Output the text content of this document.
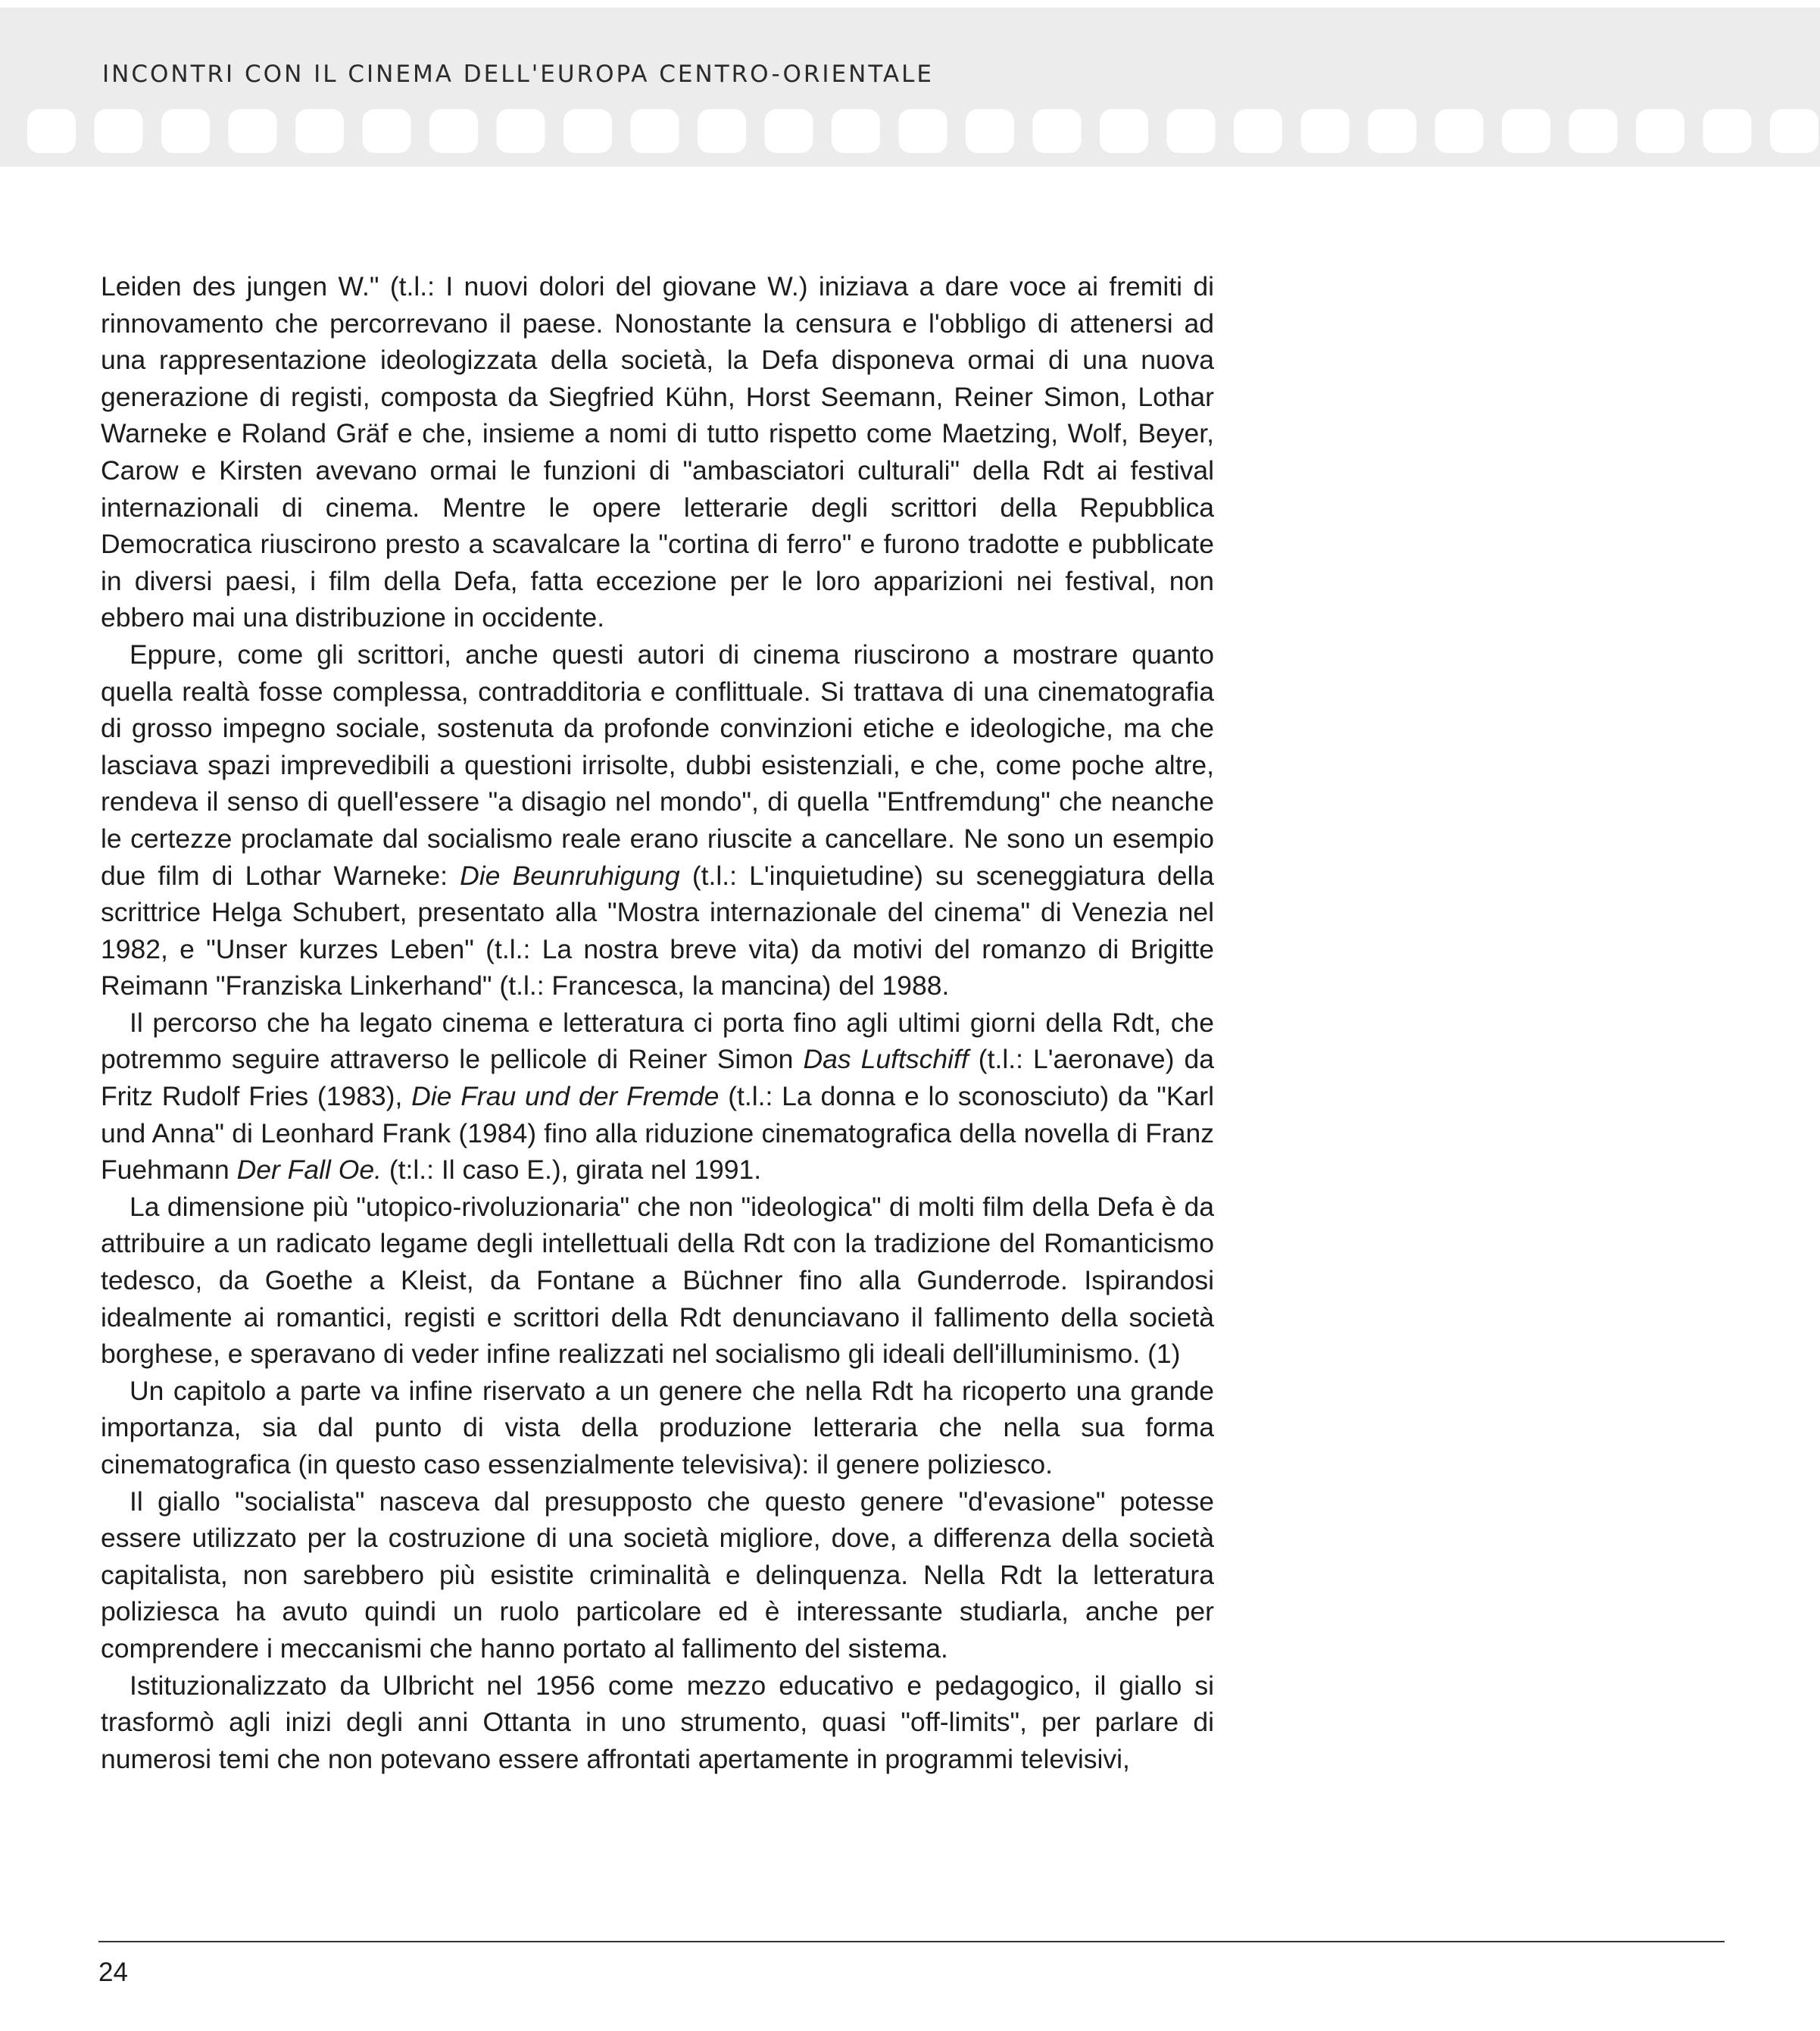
INCONTRI CON IL CINEMA DELL'EUROPA CENTRO-ORIENTALE

Leiden des jungen W." (t.l.: I nuovi dolori del giovane W.) iniziava a dare voce ai fremiti di rinnovamento che percorrevano il paese. Nonostante la censura e l'obbligo di attenersi ad una rappresentazione ideologizzata della società, la Defa disponeva ormai di una nuova generazione di registi, composta da Siegfried Kühn, Horst Seemann, Reiner Simon, Lothar Warneke e Roland Gräf e che, insieme a nomi di tutto rispetto come Maetzing, Wolf, Beyer, Carow e Kirsten avevano ormai le funzioni di "ambasciatori culturali" della Rdt ai festival internazionali di cinema. Mentre le opere letterarie degli scrittori della Repubblica Democratica riuscirono presto a scavalcare la "cortina di ferro" e furono tradotte e pubblicate in diversi paesi, i film della Defa, fatta eccezione per le loro apparizioni nei festival, non ebbero mai una distribuzione in occidente.

Eppure, come gli scrittori, anche questi autori di cinema riuscirono a mostrare quanto quella realtà fosse complessa, contradditoria e conflittuale. Si trattava di una cinematografia di grosso impegno sociale, sostenuta da profonde convinzioni etiche e ideologiche, ma che lasciava spazi imprevedibili a questioni irrisolte, dubbi esistenziali, e che, come poche altre, rendeva il senso di quell'essere "a disagio nel mondo", di quella "Entfremdung" che neanche le certezze proclamate dal socialismo reale erano riuscite a cancellare. Ne sono un esempio due film di Lothar Warneke: Die Beunruhigung (t.l.: L'inquietudine) su sceneggiatura della scrittrice Helga Schubert, presentato alla "Mostra internazionale del cinema" di Venezia nel 1982, e "Unser kurzes Leben" (t.l.: La nostra breve vita) da motivi del romanzo di Brigitte Reimann "Franziska Linkerhand" (t.l.: Francesca, la mancina) del 1988.

Il percorso che ha legato cinema e letteratura ci porta fino agli ultimi giorni della Rdt, che potremmo seguire attraverso le pellicole di Reiner Simon Das Luftschiff (t.l.: L'aeronave) da Fritz Rudolf Fries (1983), Die Frau und der Fremde (t.l.: La donna e lo sconosciuto) da "Karl und Anna" di Leonhard Frank (1984) fino alla riduzione cinematografica della novella di Franz Fuehmann Der Fall Oe. (t:l.: Il caso E.), girata nel 1991.

La dimensione più "utopico-rivoluzionaria" che non "ideologica" di molti film della Defa è da attribuire a un radicato legame degli intellettuali della Rdt con la tradizione del Romanticismo tedesco, da Goethe a Kleist, da Fontane a Büchner fino alla Gunderrode. Ispirandosi idealmente ai romantici, registi e scrittori della Rdt denunciavano il fallimento della società borghese, e speravano di veder infine realizzati nel socialismo gli ideali dell'illuminismo. (1)

Un capitolo a parte va infine riservato a un genere che nella Rdt ha ricoperto una grande importanza, sia dal punto di vista della produzione letteraria che nella sua forma cinematografica (in questo caso essenzialmente televisiva): il genere poliziesco.

Il giallo "socialista" nasceva dal presupposto che questo genere "d'evasione" potesse essere utilizzato per la costruzione di una società migliore, dove, a differenza della società capitalista, non sarebbero più esistite criminalità e delinquenza. Nella Rdt la letteratura poliziesca ha avuto quindi un ruolo particolare ed è interessante studiarla, anche per comprendere i meccanismi che hanno portato al fallimento del sistema.

Istituzionalizzato da Ulbricht nel 1956 come mezzo educativo e pedagogico, il giallo si trasformò agli inizi degli anni Ottanta in uno strumento, quasi "off-limits", per parlare di numerosi temi che non potevano essere affrontati apertamente in programmi televisivi,

24
